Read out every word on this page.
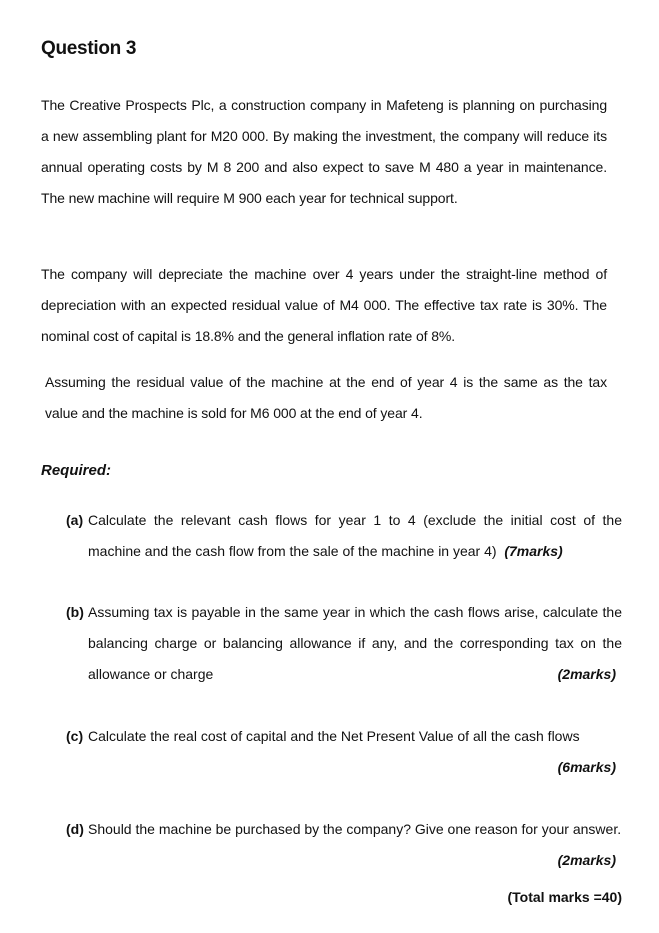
Question 3

The Creative Prospects Plc, a construction company in Mafeteng is planning on purchasing a new assembling plant for M20 000. By making the investment, the company will reduce its annual operating costs by M 8 200 and also expect to save M 480 a year in maintenance. The new machine will require M 900 each year for technical support.

The company will depreciate the machine over 4 years under the straight-line method of depreciation with an expected residual value of M4 000. The effective tax rate is 30%. The nominal cost of capital is 18.8% and the general inflation rate of 8%.

Assuming the residual value of the machine at the end of year 4 is the same as the tax value and the machine is sold for M6 000 at the end of year 4.

Required:

(a) Calculate the relevant cash flows for year 1 to 4 (exclude the initial cost of the machine and the cash flow from the sale of the machine in year 4) (7marks)
(b) Assuming tax is payable in the same year in which the cash flows arise, calculate the balancing charge or balancing allowance if any, and the corresponding tax on the allowance or charge	(2marks)
(c) Calculate the real cost of capital and the Net Present Value of all the cash flows
(6marks)
(d) Should the machine be purchased by the company? Give one reason for your answer.
(2marks)

(Total marks =40)
